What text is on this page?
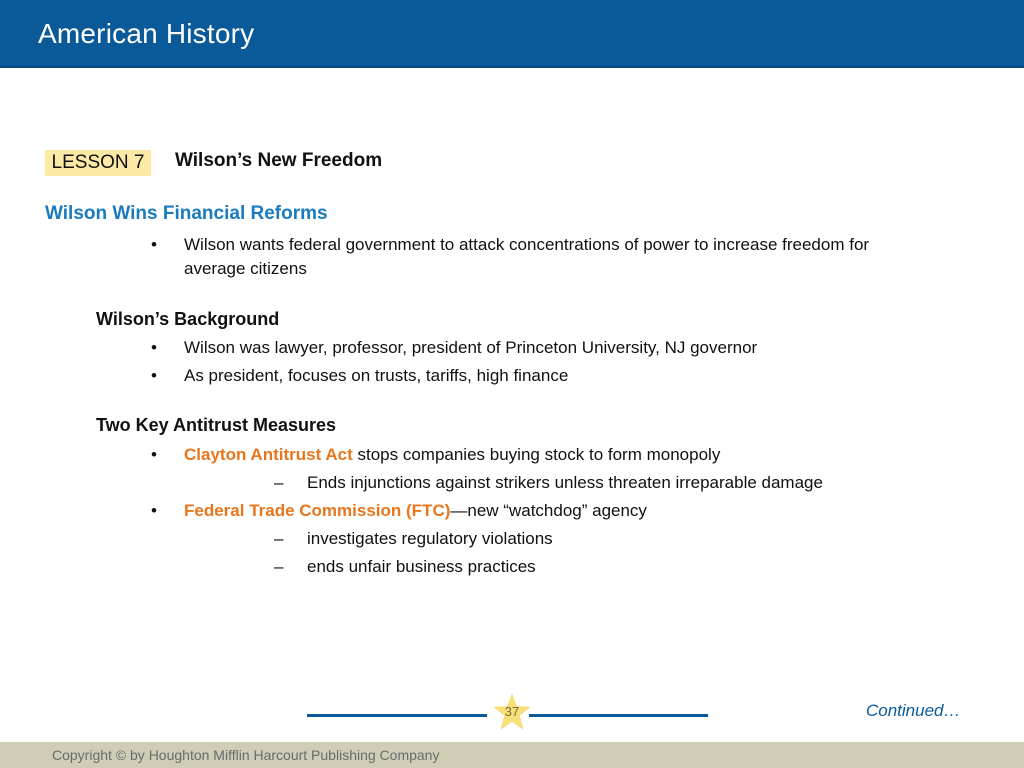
American History
LESSON 7	Wilson’s New Freedom
Wilson Wins Financial Reforms
• Wilson wants federal government to attack concentrations of power to increase freedom for
average citizens
Wilson’s Background
• Wilson was lawyer, professor, president of Princeton University, NJ governor
• As president, focuses on trusts, tariffs, high finance
Two Key Antitrust Measures
• Clayton Antitrust Act stops companies buying stock to form monopoly
– Ends injunctions against strikers unless threaten irreparable damage
• Federal Trade Commission (FTC)—new “watchdog” agency
– investigates regulatory violations
– ends unfair business practices
37	Continued…
Copyright © by Houghton Mifflin Harcourt Publishing Company
